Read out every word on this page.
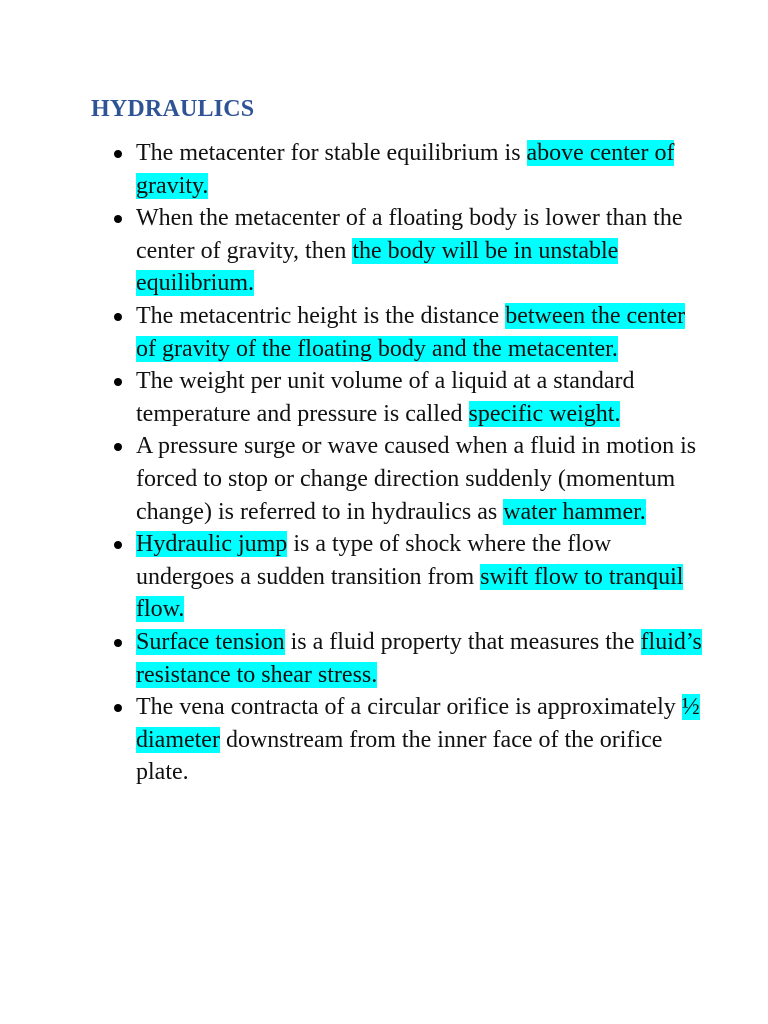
HYDRAULICS
The metacenter for stable equilibrium is above center of gravity.
When the metacenter of a floating body is lower than the center of gravity, then the body will be in unstable equilibrium.
The metacentric height is the distance between the center of gravity of the floating body and the metacenter.
The weight per unit volume of a liquid at a standard temperature and pressure is called specific weight.
A pressure surge or wave caused when a fluid in motion is forced to stop or change direction suddenly (momentum change) is referred to in hydraulics as water hammer.
Hydraulic jump is a type of shock where the flow undergoes a sudden transition from swift flow to tranquil flow.
Surface tension is a fluid property that measures the fluid’s resistance to shear stress.
The vena contracta of a circular orifice is approximately ½ diameter downstream from the inner face of the orifice plate.
